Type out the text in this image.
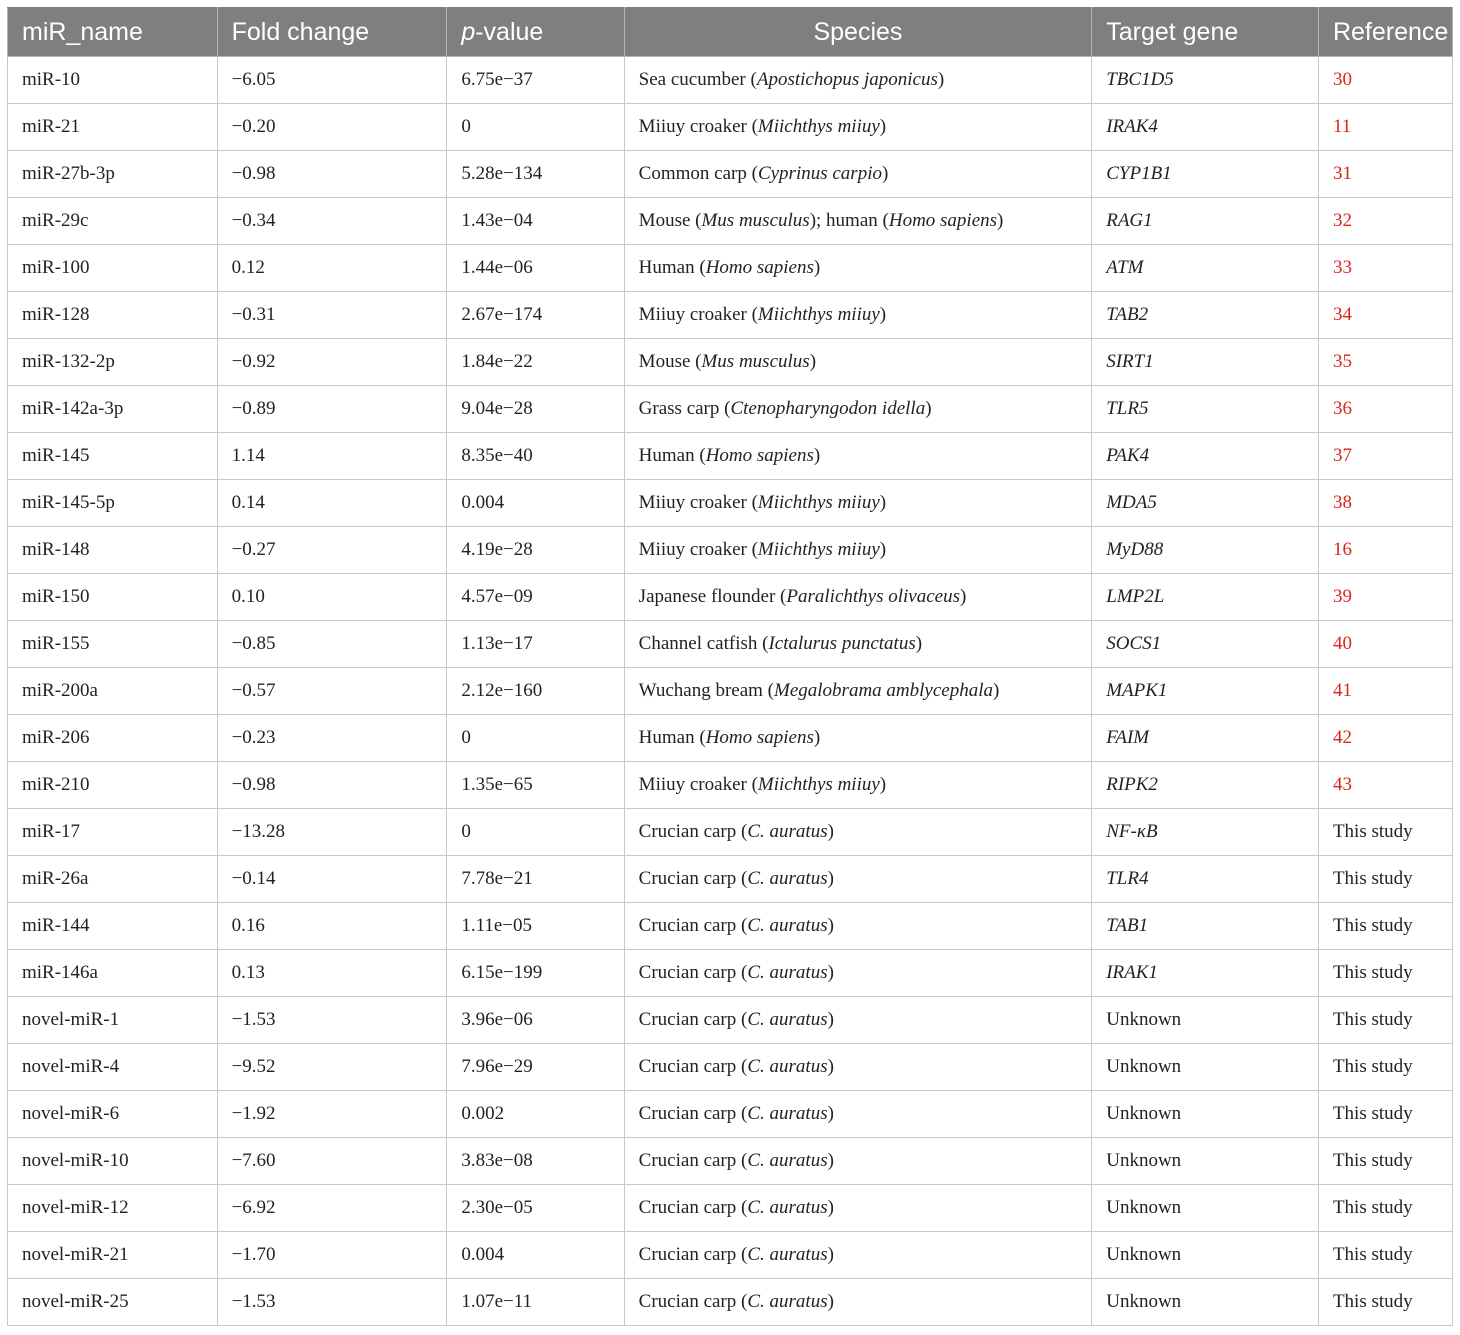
miR_name	Fold change	p-value	Species	Target gene	Reference
miR-10	−6.05	6.75e−37	Sea cucumber (Apostichopus japonicus)	TBC1D5	30
miR-21	−0.20	0	Miiuy croaker (Miichthys miiuy)	IRAK4	11
miR-27b-3p	−0.98	5.28e−134	Common carp (Cyprinus carpio)	CYP1B1	31
miR-29c	−0.34	1.43e−04	Mouse (Mus musculus); human (Homo sapiens)	RAG1	32
miR-100	0.12	1.44e−06	Human (Homo sapiens)	ATM	33
miR-128	−0.31	2.67e−174	Miiuy croaker (Miichthys miiuy)	TAB2	34
miR-132-2p	−0.92	1.84e−22	Mouse (Mus musculus)	SIRT1	35
miR-142a-3p	−0.89	9.04e−28	Grass carp (Ctenopharyngodon idella)	TLR5	36
miR-145	1.14	8.35e−40	Human (Homo sapiens)	PAK4	37
miR-145-5p	0.14	0.004	Miiuy croaker (Miichthys miiuy)	MDA5	38
miR-148	−0.27	4.19e−28	Miiuy croaker (Miichthys miiuy)	MyD88	16
miR-150	0.10	4.57e−09	Japanese flounder (Paralichthys olivaceus)	LMP2L	39
miR-155	−0.85	1.13e−17	Channel catfish (Ictalurus punctatus)	SOCS1	40
miR-200a	−0.57	2.12e−160	Wuchang bream (Megalobrama amblycephala)	MAPK1	41
miR-206	−0.23	0	Human (Homo sapiens)	FAIM	42
miR-210	−0.98	1.35e−65	Miiuy croaker (Miichthys miiuy)	RIPK2	43
miR-17	−13.28	0	Crucian carp (C. auratus)	NF-κB	This study
miR-26a	−0.14	7.78e−21	Crucian carp (C. auratus)	TLR4	This study
miR-144	0.16	1.11e−05	Crucian carp (C. auratus)	TAB1	This study
miR-146a	0.13	6.15e−199	Crucian carp (C. auratus)	IRAK1	This study
novel-miR-1	−1.53	3.96e−06	Crucian carp (C. auratus)	Unknown	This study
novel-miR-4	−9.52	7.96e−29	Crucian carp (C. auratus)	Unknown	This study
novel-miR-6	−1.92	0.002	Crucian carp (C. auratus)	Unknown	This study
novel-miR-10	−7.60	3.83e−08	Crucian carp (C. auratus)	Unknown	This study
novel-miR-12	−6.92	2.30e−05	Crucian carp (C. auratus)	Unknown	This study
novel-miR-21	−1.70	0.004	Crucian carp (C. auratus)	Unknown	This study
novel-miR-25	−1.53	1.07e−11	Crucian carp (C. auratus)	Unknown	This study
